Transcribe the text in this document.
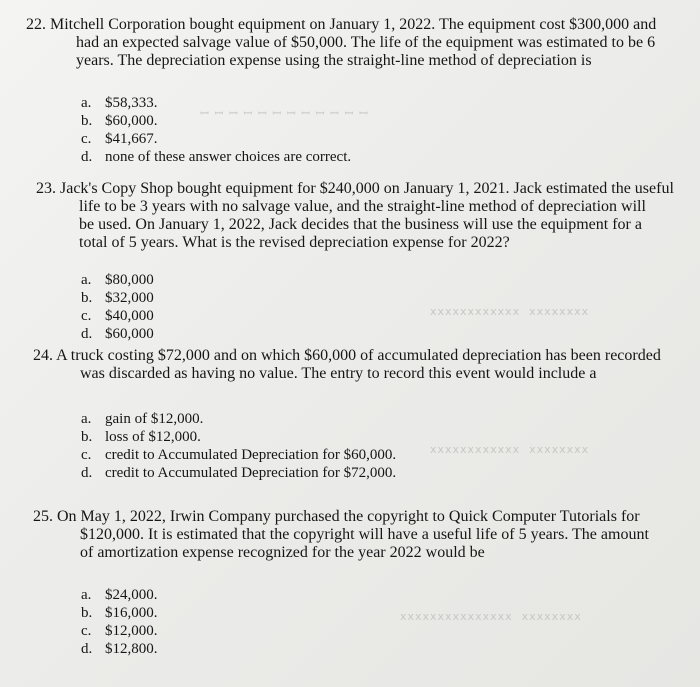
ꟷ ꟷ ꟷ ꟷ ꟷ ꟷ ꟷ ꟷ ꟷ ꟷ ꟷ ꟷ
xxxxxxxxxxxx  xxxxxxxx
xxxxxxxxxxxx  xxxxxxxx
xxxxxxxxxxxxxxx  xxxxxxxx
22. Mitchell Corporation bought equipment on January 1, 2022. The equipment cost $300,000 and
had an expected salvage value of $50,000. The life of the equipment was estimated to be 6
years. The depreciation expense using the straight-line method of depreciation is
a. $58,333.
b. $60,000.
c. $41,667.
d. none of these answer choices are correct.
23. Jack's Copy Shop bought equipment for $240,000 on January 1, 2021. Jack estimated the useful
life to be 3 years with no salvage value, and the straight-line method of depreciation will
be used. On January 1, 2022, Jack decides that the business will use the equipment for a
total of 5 years. What is the revised depreciation expense for 2022?
a. $80,000
b. $32,000
c. $40,000
d. $60,000
24. A truck costing $72,000 and on which $60,000 of accumulated depreciation has been recorded
was discarded as having no value. The entry to record this event would include a
a. gain of $12,000.
b. loss of $12,000.
c. credit to Accumulated Depreciation for $60,000.
d. credit to Accumulated Depreciation for $72,000.
25. On May 1, 2022, Irwin Company purchased the copyright to Quick Computer Tutorials for
$120,000. It is estimated that the copyright will have a useful life of 5 years. The amount
of amortization expense recognized for the year 2022 would be
a. $24,000.
b. $16,000.
c. $12,000.
d. $12,800.
